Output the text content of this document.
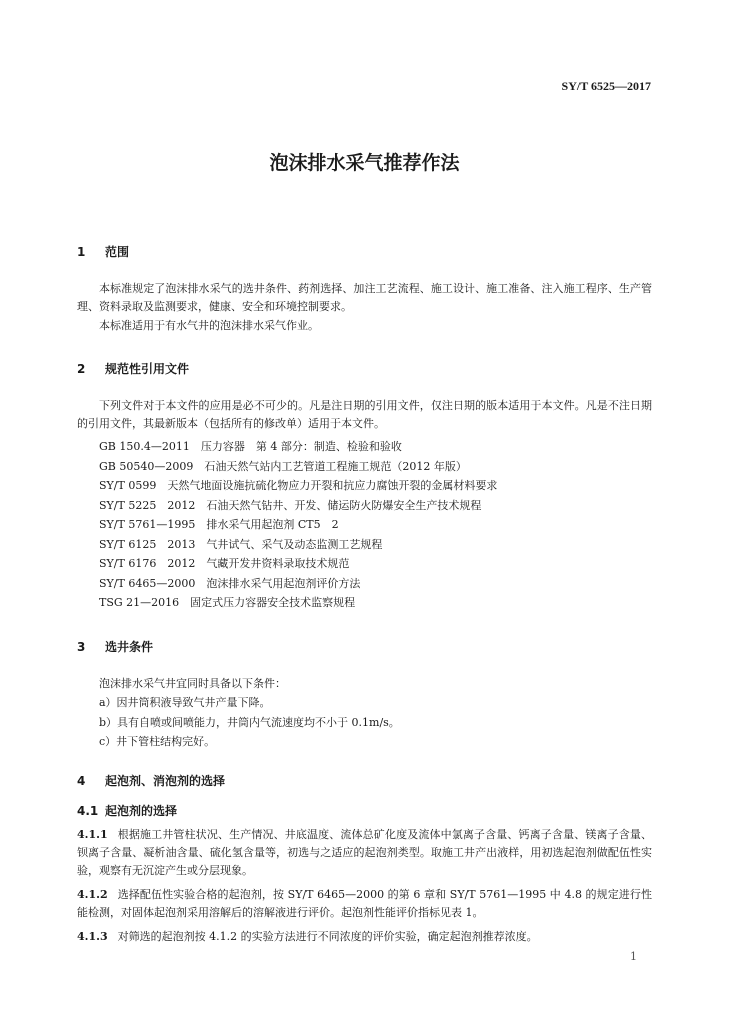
SY/T 6525—2017
泡沫排水采气推荐作法
1 范围
本标准规定了泡沫排水采气的选井条件、药剂选择、加注工艺流程、施工设计、施工准备、注入施工程序、生产管理、资料录取及监测要求，健康、安全和环境控制要求。
本标准适用于有水气井的泡沫排水采气作业。
2 规范性引用文件
下列文件对于本文件的应用是必不可少的。凡是注日期的引用文件，仅注日期的版本适用于本文件。凡是不注日期的引用文件，其最新版本（包括所有的修改单）适用于本文件。
GB 150.4—2011　压力容器　第 4 部分：制造、检验和验收
GB 50540—2009　石油天然气站内工艺管道工程施工规范（2012 年版）
SY/T 0599　天然气地面设施抗硫化物应力开裂和抗应力腐蚀开裂的金属材料要求
SY/T 5225　2012　石油天然气钻井、开发、储运防火防爆安全生产技术规程
SY/T 5761—1995　排水采气用起泡剂 CT5　2
SY/T 6125　2013　气井试气、采气及动态监测工艺规程
SY/T 6176　2012　气藏开发井资料录取技术规范
SY/T 6465—2000　泡沫排水采气用起泡剂评价方法
TSG 21—2016　固定式压力容器安全技术监察规程
3 选井条件
泡沫排水采气井宜同时具备以下条件：
a）因井筒积液导致气井产量下降。
b）具有自喷或间喷能力，井筒内气流速度均不小于 0.1m/s。
c）井下管柱结构完好。
4 起泡剂、消泡剂的选择
4.1 起泡剂的选择
4.1.1 根据施工井管柱状况、生产情况、井底温度、流体总矿化度及流体中氯离子含量、钙离子含量、镁离子含量、钡离子含量、凝析油含量、硫化氢含量等，初选与之适应的起泡剂类型。取施工井产出液样，用初选起泡剂做配伍性实验，观察有无沉淀产生或分层现象。
4.1.2 选择配伍性实验合格的起泡剂，按 SY/T 6465—2000 的第 6 章和 SY/T 5761—1995 中 4.8 的规定进行性能检测，对固体起泡剂采用溶解后的溶解液进行评价。起泡剂性能评价指标见表 1。
4.1.3 对筛选的起泡剂按 4.1.2 的实验方法进行不同浓度的评价实验，确定起泡剂推荐浓度。
1
